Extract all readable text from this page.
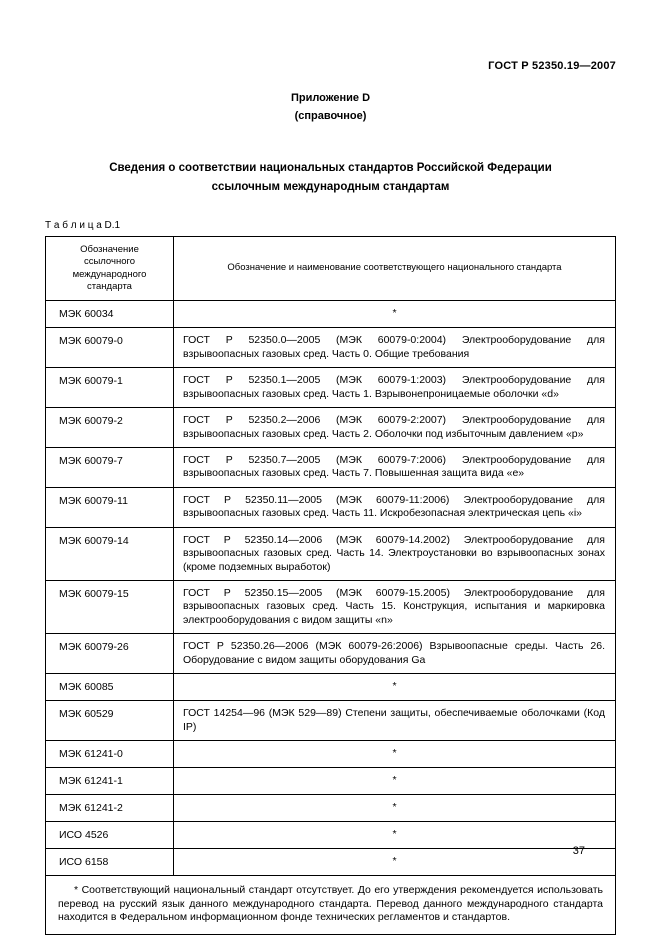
ГОСТ Р 52350.19—2007
Приложение D
(справочное)
Сведения о соответствии национальных стандартов Российской Федерации
ссылочным международным стандартам
Т а б л и ц а D.1
Обозначение ссылочного международного стандарта	Обозначение и наименование соответствующего национального стандарта
МЭК 60034	*
МЭК 60079-0	ГОСТ Р 52350.0—2005 (МЭК 60079-0:2004) Электрооборудование для взрывоопасных газовых сред. Часть 0. Общие требования
МЭК 60079-1	ГОСТ Р 52350.1—2005 (МЭК 60079-1:2003) Электрооборудование для взрывоопасных газовых сред. Часть 1. Взрывонепроницаемые оболочки «d»
МЭК 60079-2	ГОСТ Р 52350.2—2006 (МЭК 60079-2:2007) Электрооборудование для взрывоопасных газовых сред. Часть 2. Оболочки под избыточным давлением «р»
МЭК 60079-7	ГОСТ Р 52350.7—2005 (МЭК 60079-7:2006) Электрооборудование для взрывоопасных газовых сред. Часть 7. Повышенная защита вида «е»
МЭК 60079-11	ГОСТ Р 52350.11—2005 (МЭК 60079-11:2006) Электрооборудование для взрывоопасных газовых сред. Часть 11. Искробезопасная электрическая цепь «i»
МЭК 60079-14	ГОСТ Р 52350.14—2006 (МЭК 60079-14.2002) Электрооборудование для взрывоопасных газовых сред. Часть 14. Электроустановки во взрывоопасных зонах (кроме подземных выработок)
МЭК 60079-15	ГОСТ Р 52350.15—2005 (МЭК 60079-15.2005) Электрооборудование для взрывоопасных газовых сред. Часть 15. Конструкция, испытания и маркировка электрооборудования с видом защиты «n»
МЭК 60079-26	ГОСТ Р 52350.26—2006 (МЭК 60079-26:2006) Взрывоопасные среды. Часть 26. Оборудование с видом защиты оборудования Ga
МЭК 60085	*
МЭК 60529	ГОСТ 14254—96 (МЭК 529—89) Степени защиты, обеспечиваемые оболочками (Код IP)
МЭК 61241-0	*
МЭК 61241-1	*
МЭК 61241-2	*
ИСО 4526	*
ИСО 6158	*
* Соответствующий национальный стандарт отсутствует. До его утверждения рекомендуется использовать перевод на русский язык данного международного стандарта. Перевод данного международного стандарта находится в Федеральном информационном фонде технических регламентов и стандартов.	
37
